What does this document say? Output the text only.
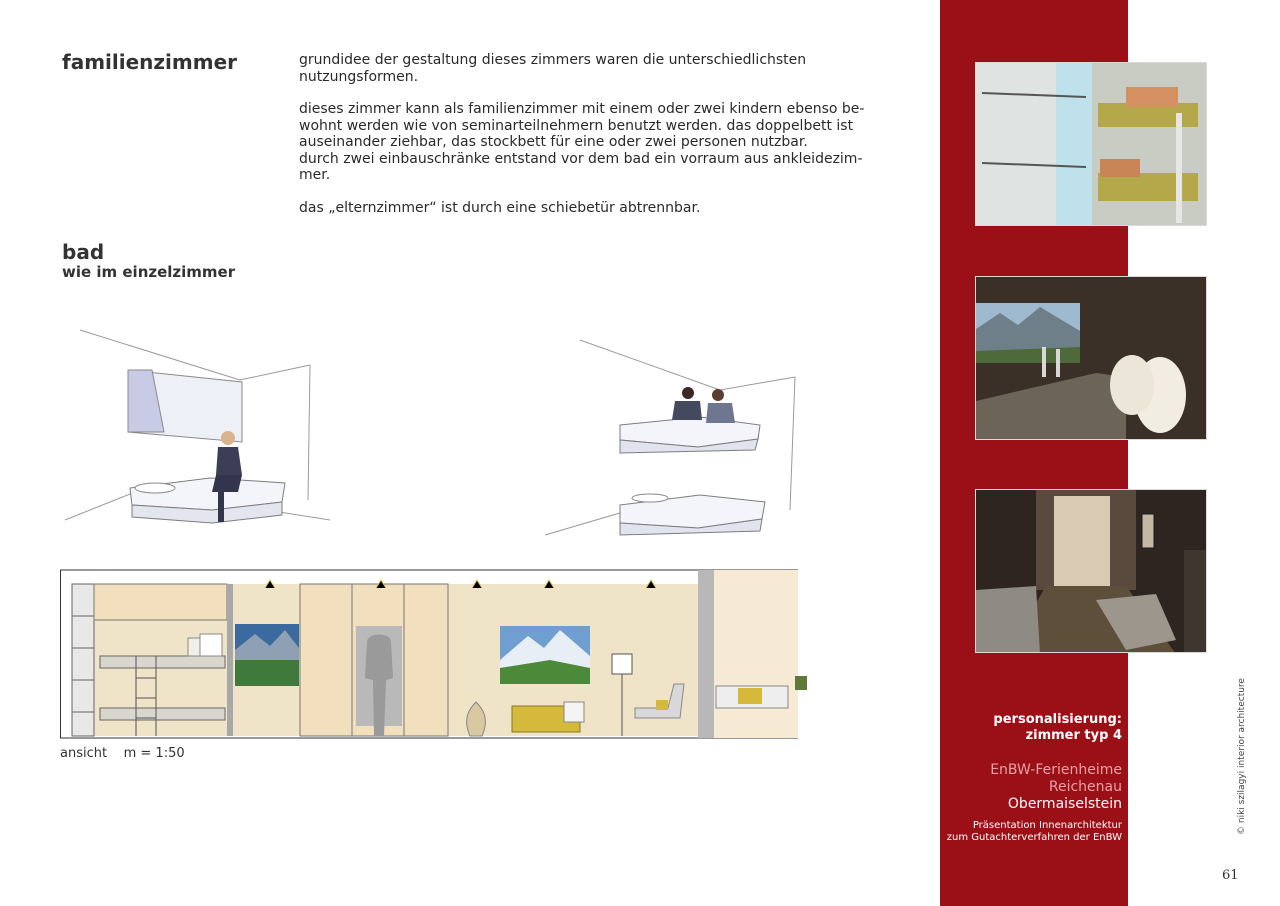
familienzimmer
bad
wie im einzelzimmer

grundidee der gestaltung dieses zimmers waren die unterschiedlichsten
nutzungsformen.

dieses zimmer kann als familienzimmer mit einem oder zwei kindern ebenso be-
wohnt werden wie von seminarteilnehmern benutzt werden. das doppelbett ist
auseinander ziehbar, das stockbett für eine oder zwei personen nutzbar.
durch zwei einbauschränke entstand vor dem bad ein vorraum aus ankleidezim-
mer.

das „elternzimmer“ ist durch eine schiebetür abtrennbar.

ansicht    m = 1:50
personalisierung:
zimmer typ 4
EnBW-Ferienheime
Reichenau
Obermaiselstein
Präsentation Innenarchitektur
zum Gutachterverfahren der EnBW
© niki szilagyi interior architecture
61
